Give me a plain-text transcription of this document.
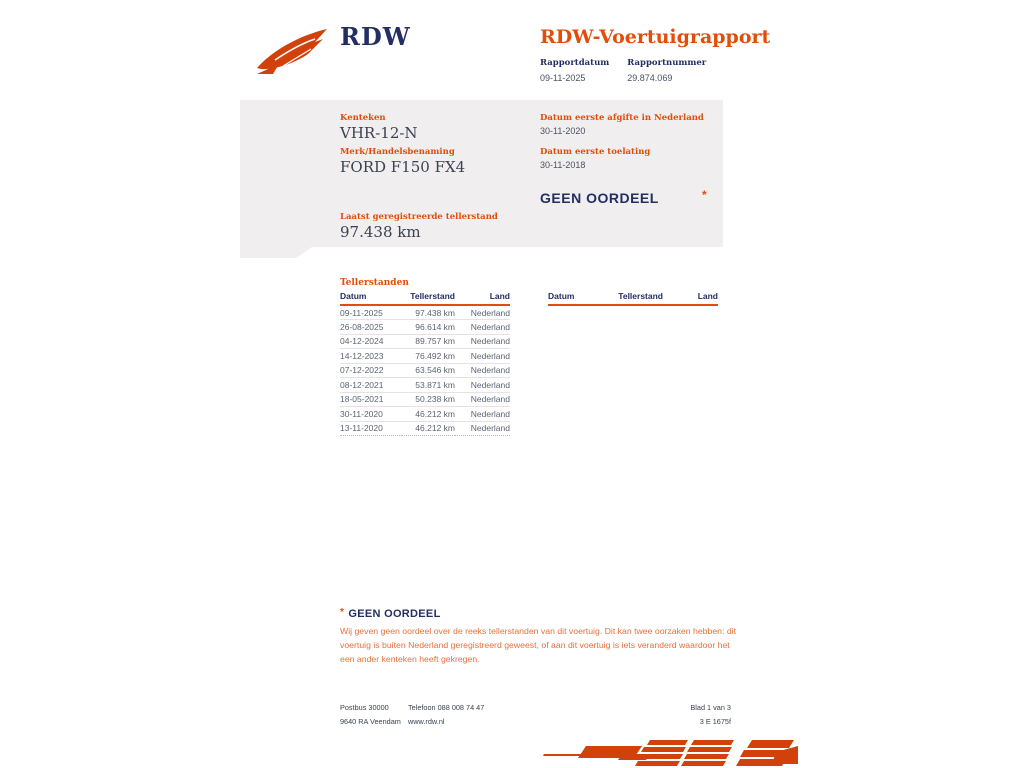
RDW	RDW-Voertuigrapport
Rapportdatum
09-11-2025
Rapportnummer
29.874.069
Kenteken
VHR-12-N
Merk/Handelsbenaming
FORD F150 FX4
Laatst geregistreerde tellerstand
97.438 km
Datum eerste afgifte in Nederland
30-11-2020
Datum eerste toelating
30-11-2018
GEEN OORDEEL	*
Tellerstanden
Datum	Tellerstand	Land
09-11-2025	97.438 km	Nederland
26-08-2025	96.614 km	Nederland
04-12-2024	89.757 km	Nederland
14-12-2023	76.492 km	Nederland
07-12-2022	63.546 km	Nederland
08-12-2021	53.871 km	Nederland
18-05-2021	50.238 km	Nederland
30-11-2020	46.212 km	Nederland
13-11-2020	46.212 km	Nederland
Datum	Tellerstand	Land
* GEEN OORDEEL
Wij geven geen oordeel over de reeks tellerstanden van dit voertuig. Dit kan twee oorzaken hebben: dit voertuig is buiten Nederland geregistreerd geweest, of aan dit voertuig is iets veranderd waardoor het een ander kenteken heeft gekregen.
Postbus 30000
9640 RA Veendam
Telefoon 088 008 74 47
www.rdw.nl
Blad 1 van 3
3 E 1675f
